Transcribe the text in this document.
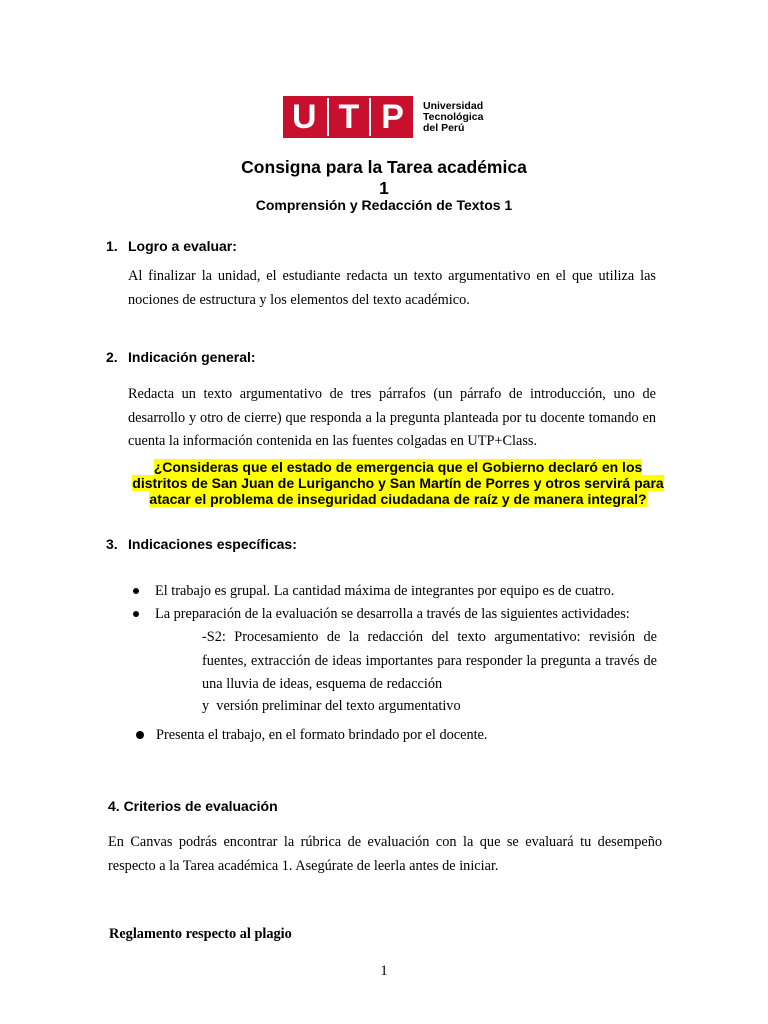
U T P Universidad
Tecnológica
del Perú
Consigna para la Tarea académica
1
Comprensión y Redacción de Textos 1
1. Logro a evaluar:
Al finalizar la unidad, el estudiante redacta un texto argumentativo en el que utiliza las nociones de estructura y los elementos del texto académico.
2. Indicación general:
Redacta un texto argumentativo de tres párrafos (un párrafo de introducción, uno de desarrollo y otro de cierre) que responda a la pregunta planteada por tu docente tomando en cuenta la información contenida en las fuentes colgadas en UTP+Class.
¿Consideras que el estado de emergencia que el Gobierno declaró en los distritos de San Juan de Lurigancho y San Martín de Porres y otros servirá para atacar el problema de inseguridad ciudadana de raíz y de manera integral?
3. Indicaciones específicas:
El trabajo es grupal. La cantidad máxima de integrantes por equipo es de cuatro.
La preparación de la evaluación se desarrolla a través de las siguientes actividades:
-S2: Procesamiento de la redacción del texto argumentativo: revisión de fuentes, extracción de ideas importantes para responder la pregunta a través de una lluvia de ideas, esquema de redacción
y  versión preliminar del texto argumentativo
Presenta el trabajo, en el formato brindado por el docente.
4. Criterios de evaluación
En Canvas podrás encontrar la rúbrica de evaluación con la que se evaluará tu desempeño respecto a la Tarea académica 1. Asegúrate de leerla antes de iniciar.
Reglamento respecto al plagio
1
